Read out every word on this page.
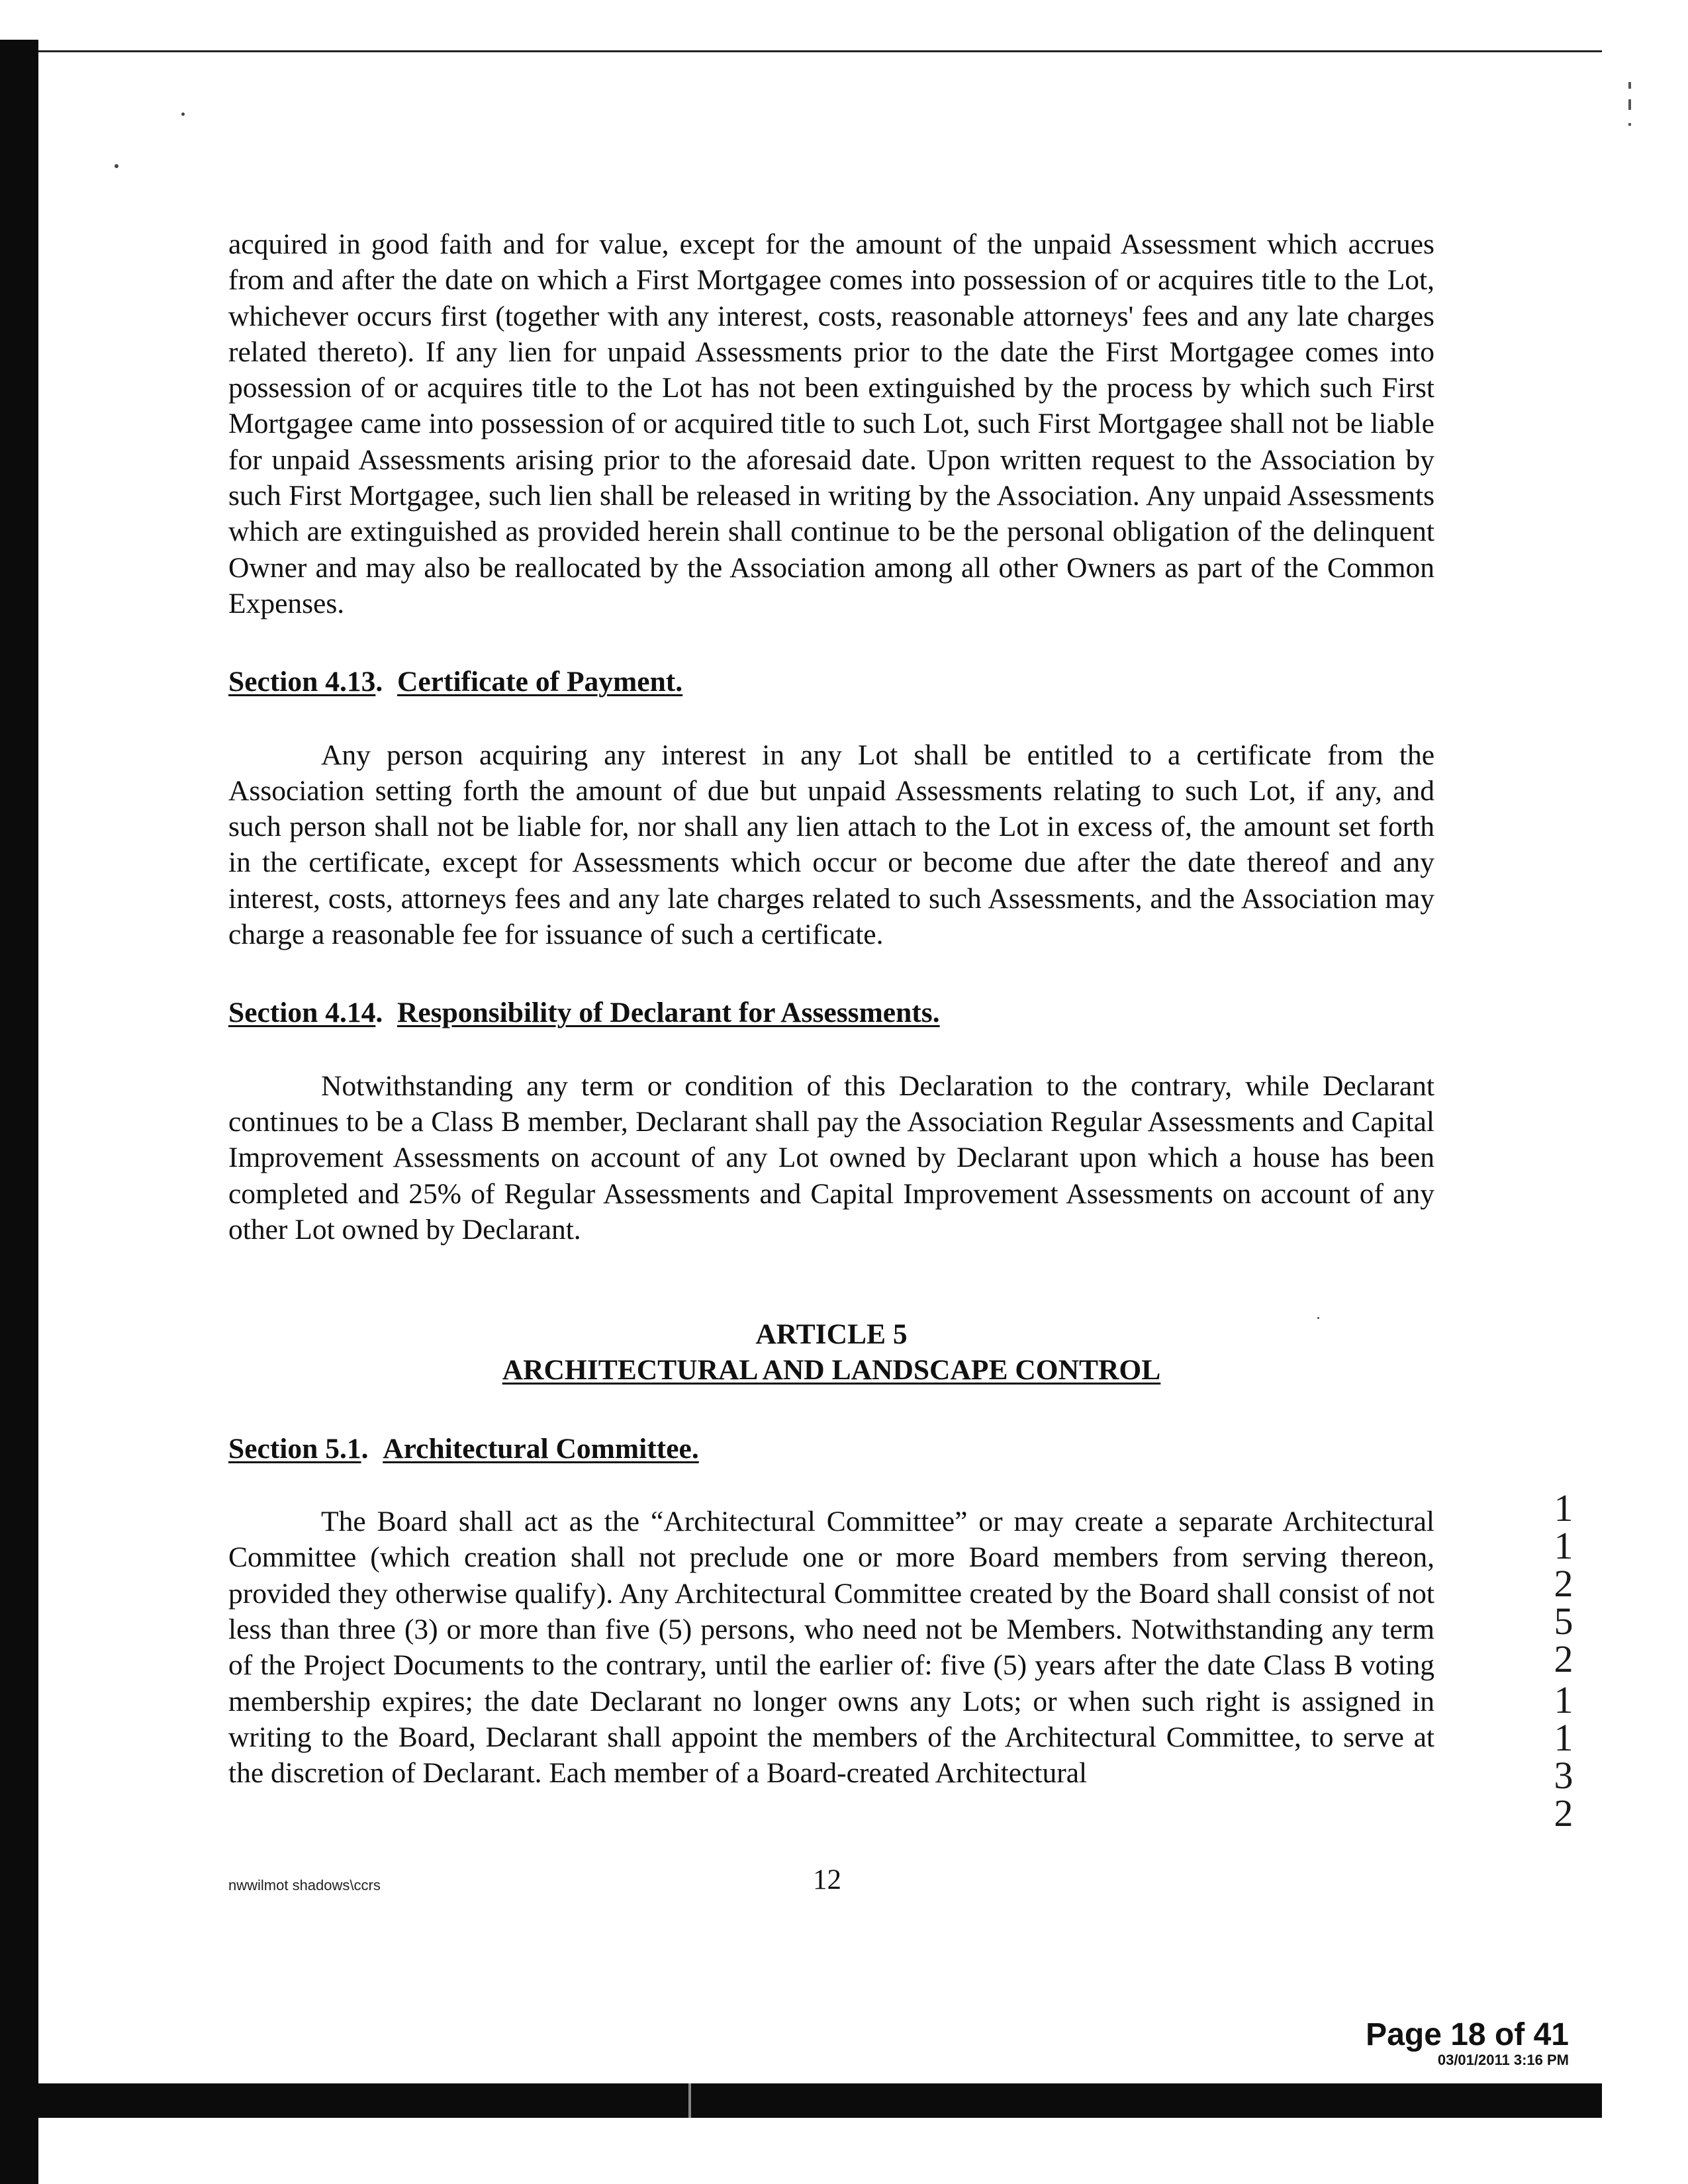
acquired in good faith and for value, except for the amount of the unpaid Assessment which accrues from and after the date on which a First Mortgagee comes into possession of or acquires title to the Lot, whichever occurs first (together with any interest, costs, reasonable attorneys' fees and any late charges related thereto). If any lien for unpaid Assessments prior to the date the First Mortgagee comes into possession of or acquires title to the Lot has not been extinguished by the process by which such First Mortgagee came into possession of or acquired title to such Lot, such First Mortgagee shall not be liable for unpaid Assessments arising prior to the aforesaid date. Upon written request to the Association by such First Mortgagee, such lien shall be released in writing by the Association. Any unpaid Assessments which are extinguished as provided herein shall continue to be the personal obligation of the delinquent Owner and may also be reallocated by the Association among all other Owners as part of the Common Expenses.

Section 4.13.  Certificate of Payment.

Any person acquiring any interest in any Lot shall be entitled to a certificate from the Association setting forth the amount of due but unpaid Assessments relating to such Lot, if any, and such person shall not be liable for, nor shall any lien attach to the Lot in excess of, the amount set forth in the certificate, except for Assessments which occur or become due after the date thereof and any interest, costs, attorneys fees and any late charges related to such Assessments, and the Association may charge a reasonable fee for issuance of such a certificate.

Section 4.14.  Responsibility of Declarant for Assessments.

Notwithstanding any term or condition of this Declaration to the contrary, while Declarant continues to be a Class B member, Declarant shall pay the Association Regular Assessments and Capital Improvement Assessments on account of any Lot owned by Declarant upon which a house has been completed and 25% of Regular Assessments and Capital Improvement Assessments on account of any other Lot owned by Declarant.

ARTICLE 5
ARCHITECTURAL AND LANDSCAPE CONTROL
Section 5.1.  Architectural Committee.

The Board shall act as the “Architectural Committee” or may create a separate Architectural Committee (which creation shall not preclude one or more Board members from serving thereon, provided they otherwise qualify). Any Architectural Committee created by the Board shall consist of not less than three (3) or more than five (5) persons, who need not be Members. Notwithstanding any term of the Project Documents to the contrary, until the earlier of: five (5) years after the date Class B voting membership expires; the date Declarant no longer owns any Lots; or when such right is assigned in writing to the Board, Declarant shall appoint the members of the Architectural Committee, to serve at the discretion of Declarant. Each member of a Board-created Architectural

nwwilmot shadows\ccrs	12
1
1
2
5
2
1
1
3
2
Page 18 of 41
03/01/2011 3:16 PM
